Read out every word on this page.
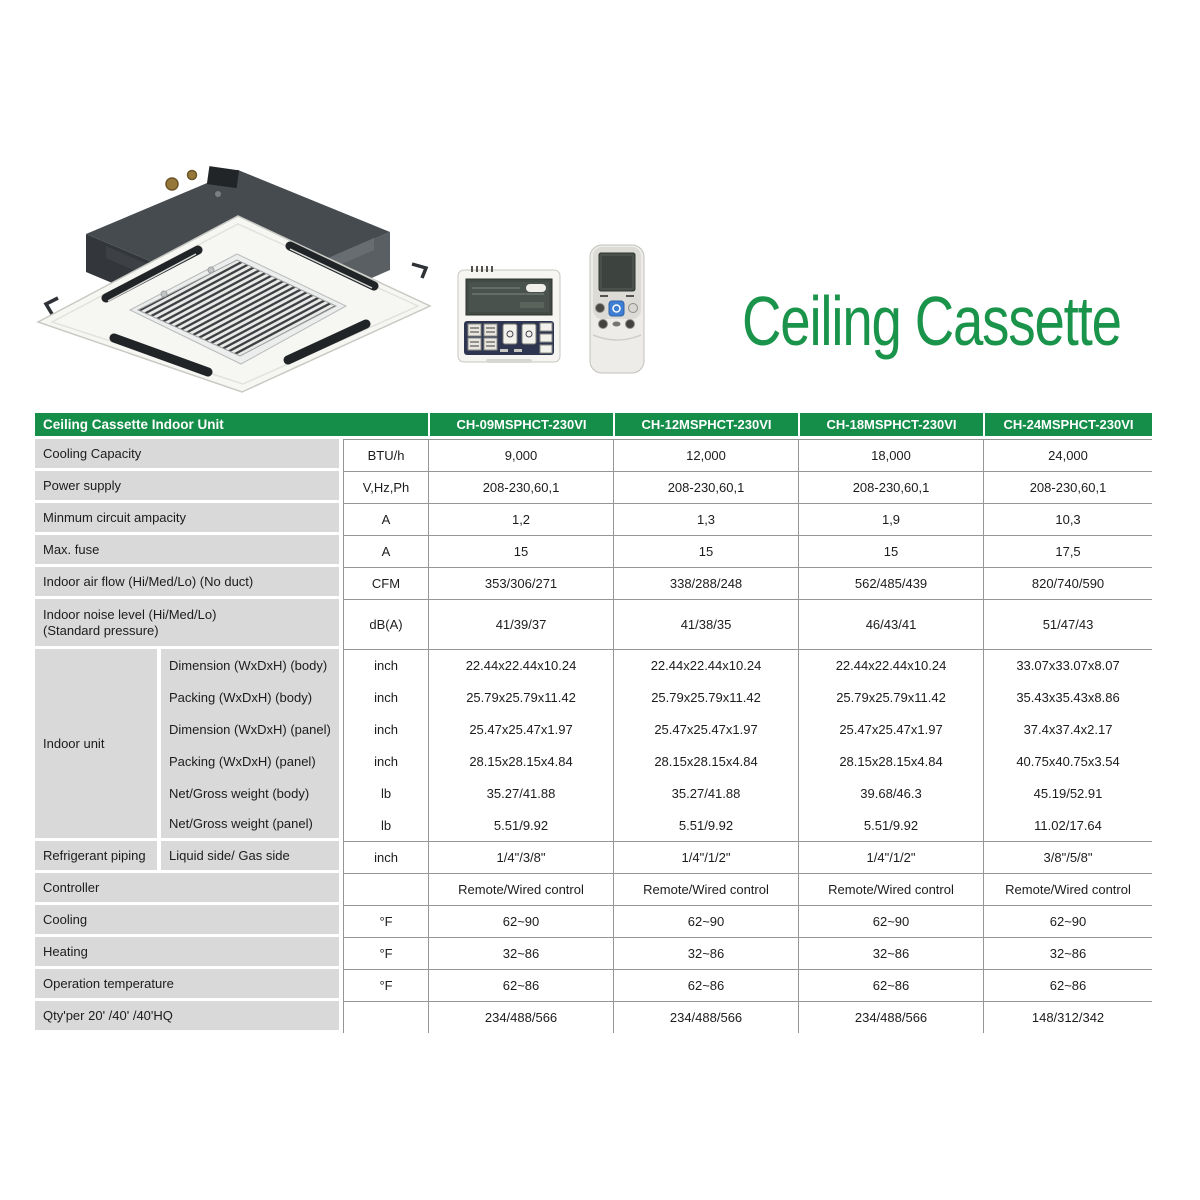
Ceiling Cassette
Ceiling Cassette Indoor Unit			CH-09MSPHCT-230VI	CH-12MSPHCT-230VI	CH-18MSPHCT-230VI	CH-24MSPHCT-230VI
Cooling Capacity		BTU/h	9,000	12,000	18,000	24,000
Power supply		V,Hz,Ph	208-230,60,1	208-230,60,1	208-230,60,1	208-230,60,1
Minmum circuit ampacity		A	1,2	1,3	1,9	10,3
Max. fuse		A	15	15	15	17,5
Indoor air flow (Hi/Med/Lo) (No duct)		CFM	353/306/271	338/288/248	562/485/439	820/740/590

Indoor noise level (Hi/Med/Lo)
(Standard pressure)		dB(A)	41/39/37	41/38/35	46/43/41	51/47/43
Indoor unit	Dimension (WxDxH) (body)	inch	22.44x22.44x10.24	22.44x22.44x10.24	22.44x22.44x10.24	33.07x33.07x8.07
	Packing (WxDxH) (body)	inch	25.79x25.79x11.42	25.79x25.79x11.42	25.79x25.79x11.42	35.43x35.43x8.86
	Dimension (WxDxH) (panel)	inch	25.47x25.47x1.97	25.47x25.47x1.97	25.47x25.47x1.97	37.4x37.4x2.17
	Packing (WxDxH) (panel)	inch	28.15x28.15x4.84	28.15x28.15x4.84	28.15x28.15x4.84	40.75x40.75x3.54
	Net/Gross weight (body)	lb	35.27/41.88	35.27/41.88	39.68/46.3	45.19/52.91
	Net/Gross weight (panel)	lb	5.51/9.92	5.51/9.92	5.51/9.92	11.02/17.64
Refrigerant piping	Liquid side/ Gas side	inch	1/4"/3/8"	1/4"/1/2"	1/4"/1/2"	3/8"/5/8"
Controller			Remote/Wired control	Remote/Wired control	Remote/Wired control	Remote/Wired control
Cooling		°F	62~90	62~90	62~90	62~90
Heating		°F	32~86	32~86	32~86	32~86
Operation temperature		°F	62~86	62~86	62~86	62~86
Qty'per 20' /40' /40'HQ			234/488/566	234/488/566	234/488/566	148/312/342
